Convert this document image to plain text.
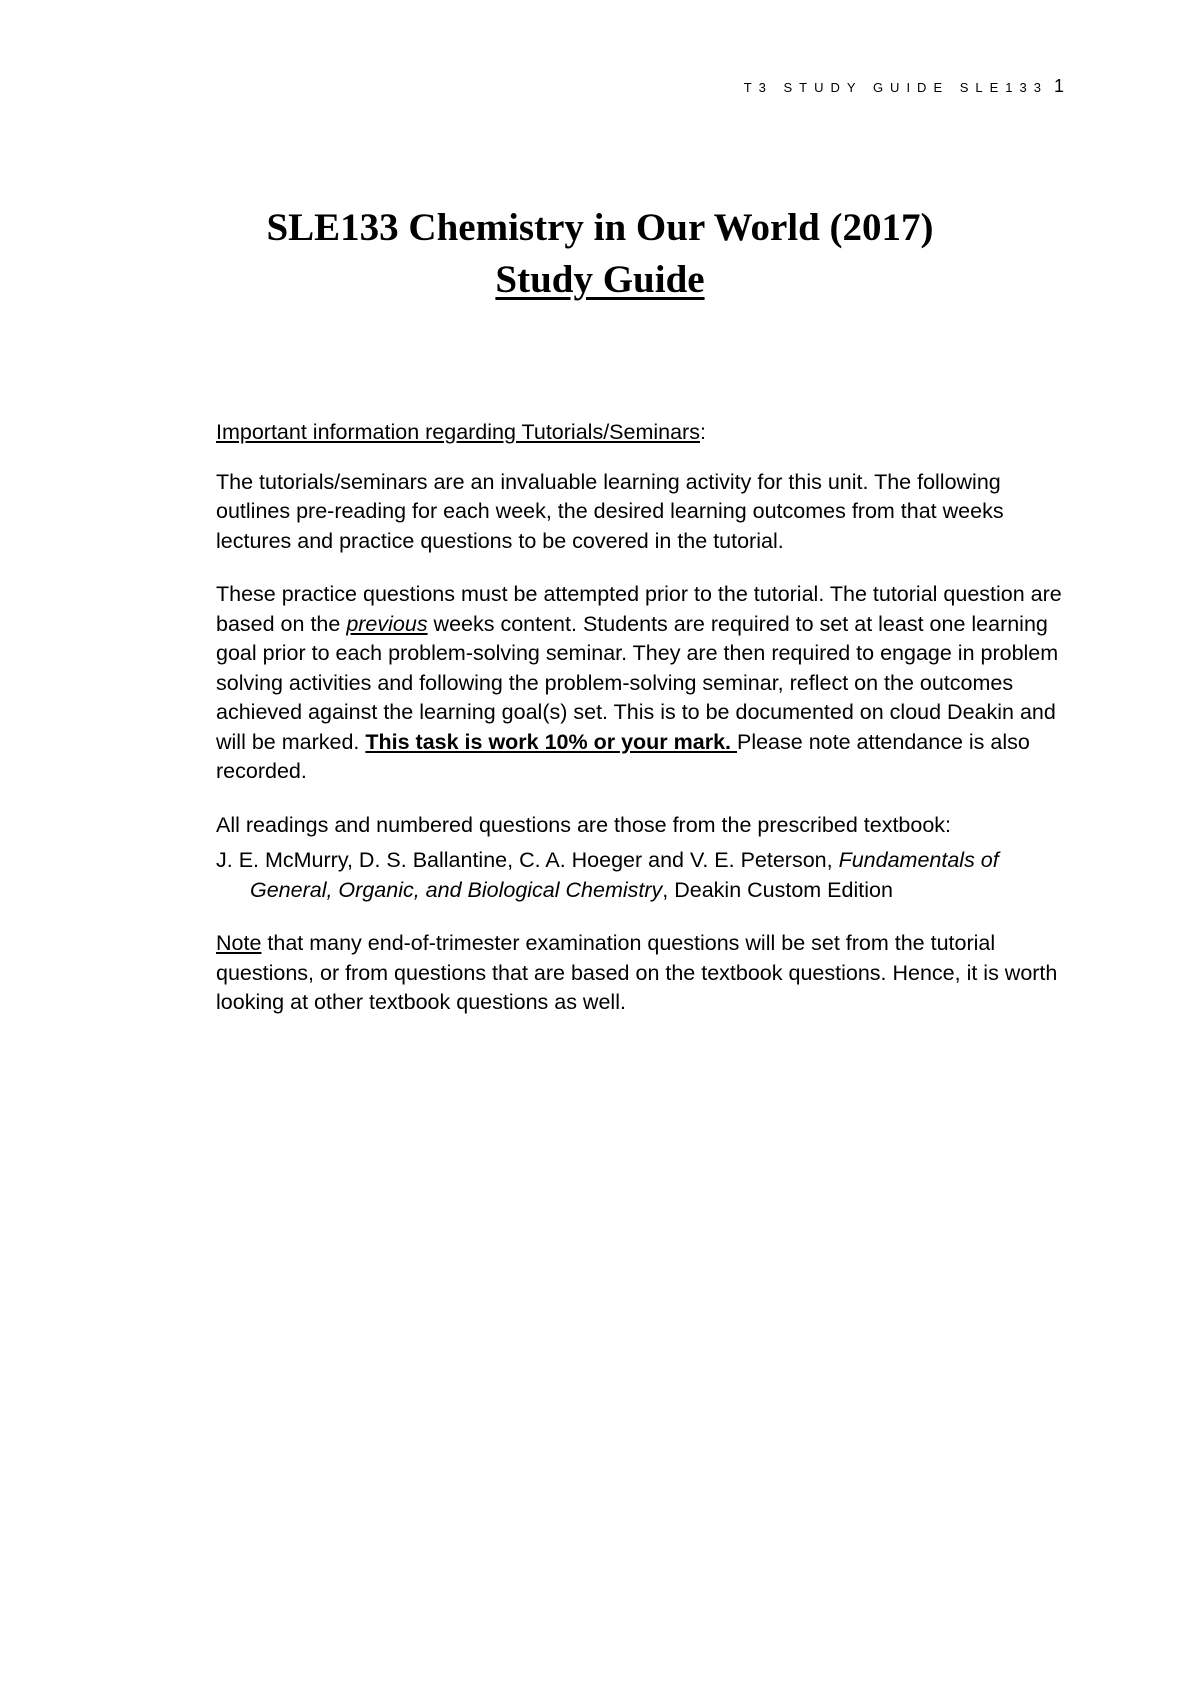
T3 STUDY GUIDE SLE133 1
SLE133 Chemistry in Our World (2017)
Study Guide

Important information regarding Tutorials/Seminars:

The tutorials/seminars are an invaluable learning activity for this unit. The following outlines pre-reading for each week, the desired learning outcomes from that weeks lectures and practice questions to be covered in the tutorial.

These practice questions must be attempted prior to the tutorial. The tutorial question are based on the previous weeks content. Students are required to set at least one learning goal prior to each problem-solving seminar. They are then required to engage in problem solving activities and following the problem-solving seminar, reflect on the outcomes achieved against the learning goal(s) set. This is to be documented on cloud Deakin and will be marked. This task is work 10% or your mark. Please note attendance is also recorded.

All readings and numbered questions are those from the prescribed textbook:

J. E. McMurry, D. S. Ballantine, C. A. Hoeger and V. E. Peterson, Fundamentals of General, Organic, and Biological Chemistry, Deakin Custom Edition

Note that many end-of-trimester examination questions will be set from the tutorial questions, or from questions that are based on the textbook questions. Hence, it is worth looking at other textbook questions as well.
